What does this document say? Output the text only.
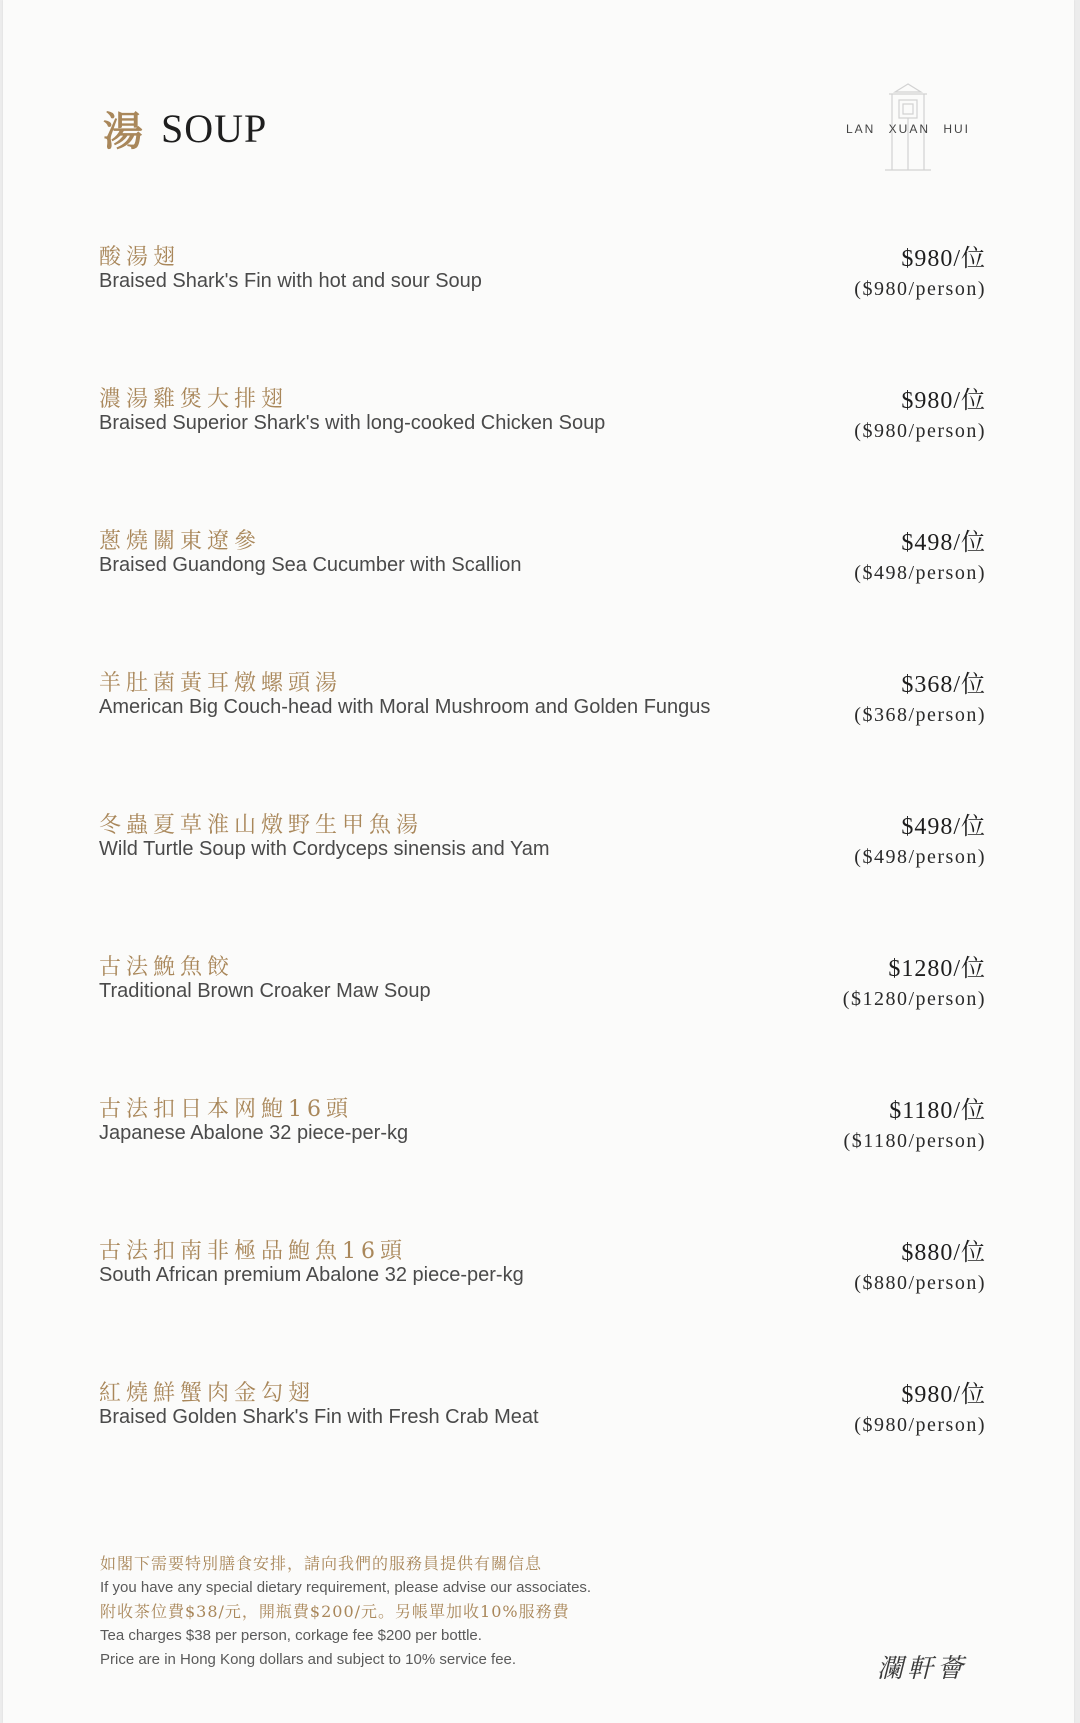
湯 SOUP	LAN XUAN HUI
酸湯翅
Braised Shark's Fin with hot and sour Soup
$980/位
($980/person)
濃湯雞煲大排翅
Braised Superior Shark's with long-cooked Chicken Soup
$980/位
($980/person)
蔥燒關東遼參
Braised Guandong Sea Cucumber with Scallion
$498/位
($498/person)
羊肚菌黃耳燉螺頭湯
American Big Couch-head with Moral Mushroom and Golden Fungus
$368/位
($368/person)
冬蟲夏草淮山燉野生甲魚湯
Wild Turtle Soup with Cordyceps sinensis and Yam
$498/位
($498/person)
古法鮸魚餃
Traditional Brown Croaker Maw Soup
$1280/位
($1280/person)
古法扣日本网鮑16頭
Japanese Abalone 32 piece-per-kg
$1180/位
($1180/person)
古法扣南非極品鮑魚16頭
South African premium Abalone 32 piece-per-kg
$880/位
($880/person)
紅燒鮮蟹肉金勾翅
Braised Golden Shark's Fin with Fresh Crab Meat
$980/位
($980/person)
如閣下需要特別膳食安排，請向我們的服務員提供有關信息
If you have any special dietary requirement, please advise our associates.
附收茶位費$38/元，開瓶費$200/元。另帳單加收10%服務費
Tea charges $38 per person, corkage fee $200 per bottle.
Price are in Hong Kong dollars and subject to 10% service fee.	瀾軒薈
